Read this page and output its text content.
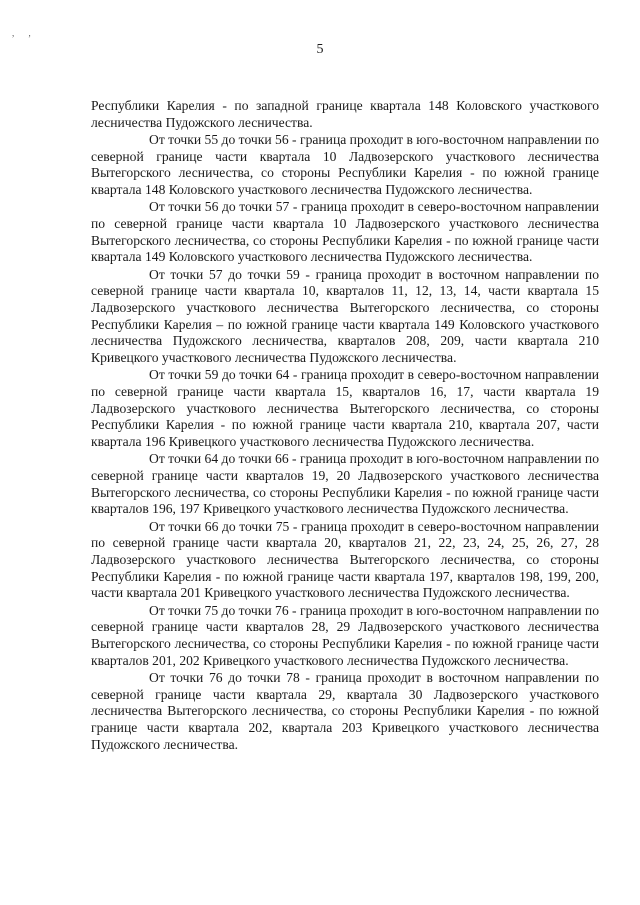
, ,
5

Республики Карелия - по западной границе квартала 148 Коловского участкового лесничества Пудожского лесничества.

От точки 55 до точки 56 - граница проходит в юго-восточном направлении по северной границе части квартала 10 Ладвозерского участкового лесничества Вытегорского лесничества, со стороны Республики Карелия - по южной границе квартала 148 Коловского участкового лесничества Пудожского лесничества.

От точки 56 до точки 57 - граница проходит в северо-восточном направлении по северной границе части квартала 10 Ладвозерского участкового лесничества Вытегорского лесничества, со стороны Республики Карелия - по южной границе части квартала 149 Коловского участкового лесничества Пудожского лесничества.

От точки 57 до точки 59 - граница проходит в восточном направлении по северной границе части квартала 10, кварталов 11, 12, 13, 14, части квартала 15 Ладвозерского участкового лесничества Вытегорского лесничества, со стороны Республики Карелия – по южной границе части квартала 149 Коловского участкового лесничества Пудожского лесничества, кварталов 208, 209, части квартала 210 Кривецкого участкового лесничества Пудожского лесничества.

От точки 59 до точки 64 - граница проходит в северо-восточном направлении по северной границе части квартала 15, кварталов 16, 17, части квартала 19 Ладвозерского участкового лесничества Вытегорского лесничества, со стороны Республики Карелия - по южной границе части квартала 210, квартала 207, части квартала 196 Кривецкого участкового лесничества Пудожского лесничества.

От точки 64 до точки 66 - граница проходит в юго-восточном направлении по северной границе части кварталов 19, 20 Ладвозерского участкового лесничества Вытегорского лесничества, со стороны Республики Карелия - по южной границе части кварталов 196, 197 Кривецкого участкового лесничества Пудожского лесничества.

От точки 66 до точки 75 - граница проходит в северо-восточном направлении по северной границе части квартала 20, кварталов 21, 22, 23, 24, 25, 26, 27, 28 Ладвозерского участкового лесничества Вытегорского лесничества, со стороны Республики Карелия - по южной границе части квартала 197, кварталов 198, 199, 200, части квартала 201 Кривецкого участкового лесничества Пудожского лесничества.

От точки 75 до точки 76 - граница проходит в юго-восточном направлении по северной границе части кварталов 28, 29 Ладвозерского участкового лесничества Вытегорского лесничества, со стороны Республики Карелия - по южной границе части кварталов 201, 202 Кривецкого участкового лесничества Пудожского лесничества.

От точки 76 до точки 78 - граница проходит в восточном направлении по северной границе части квартала 29, квартала 30 Ладвозерского участкового лесничества Вытегорского лесничества, со стороны Республики Карелия - по южной границе части квартала 202, квартала 203 Кривецкого участкового лесничества Пудожского лесничества.
